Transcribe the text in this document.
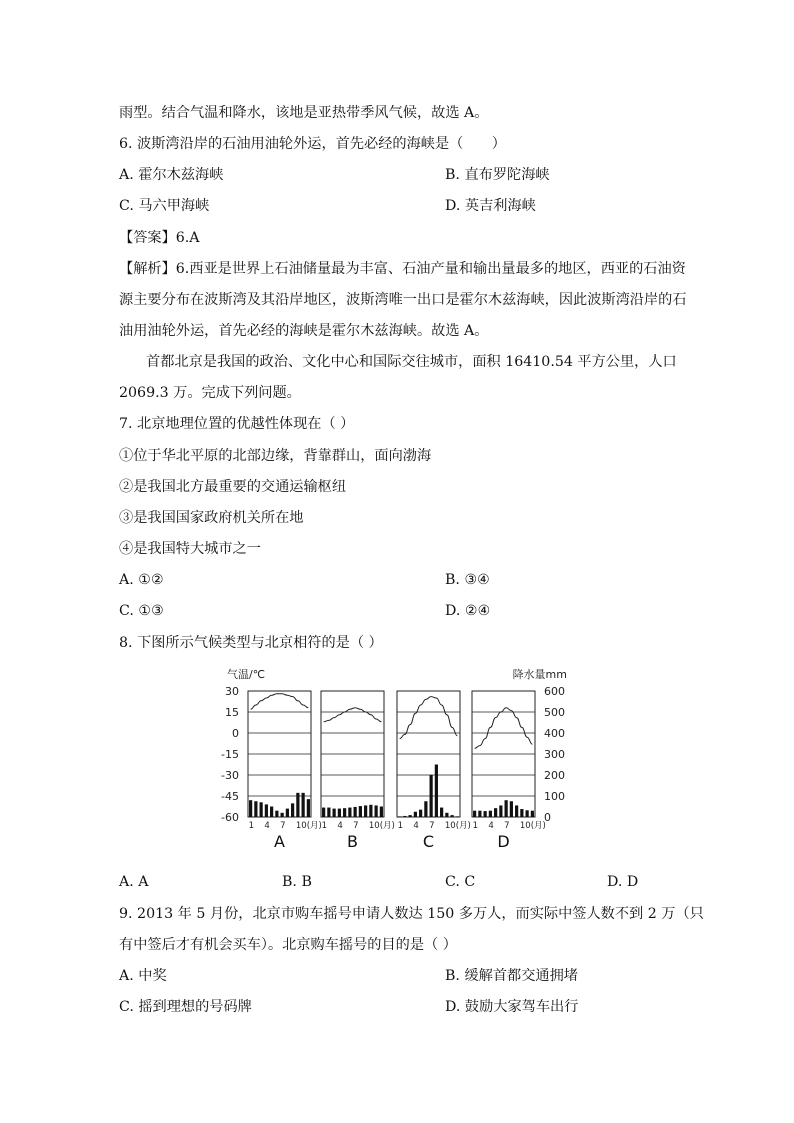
雨型。结合气温和降水，该地是亚热带季风气候，故选 A。
6. 波斯湾沿岸的石油用油轮外运，首先必经的海峡是（　　）
A. 霍尔木兹海峡	B. 直布罗陀海峡
C. 马六甲海峡	D. 英吉利海峡
【答案】6.A
【解析】6.西亚是世界上石油储量最为丰富、石油产量和输出量最多的地区，西亚的石油资
源主要分布在波斯湾及其沿岸地区，波斯湾唯一出口是霍尔木兹海峡，因此波斯湾沿岸的石
油用油轮外运，首先必经的海峡是霍尔木兹海峡。故选 A。
首都北京是我国的政治、文化中心和国际交往城市，面积 16410.54 平方公里，人口
2069.3 万。完成下列问题。
7. 北京地理位置的优越性体现在（ ）
①位于华北平原的北部边缘，背靠群山，面向渤海
②是我国北方最重要的交通运输枢纽
③是我国国家政府机关所在地
④是我国特大城市之一
A. ①②	B. ③④
C. ①③	D. ②④
8. 下图所示气候类型与北京相符的是（ ）
气温/℃	降水量mm
30	600
15	500
0	400
-15	300
-30	200
-45	100
-60	0
1 4 7 10(月)
A
1 4 7 10(月)
B
1 4 7 10(月)
C
1 4 7 10(月)
D
A. A	B. B	C. C	D. D
9. 2013 年 5 月份，北京市购车摇号申请人数达 150 多万人，而实际中签人数不到 2 万（只
有中签后才有机会买车）。北京购车摇号的目的是（ ）
A. 中奖	B. 缓解首都交通拥堵
C. 摇到理想的号码牌	D. 鼓励大家驾车出行
